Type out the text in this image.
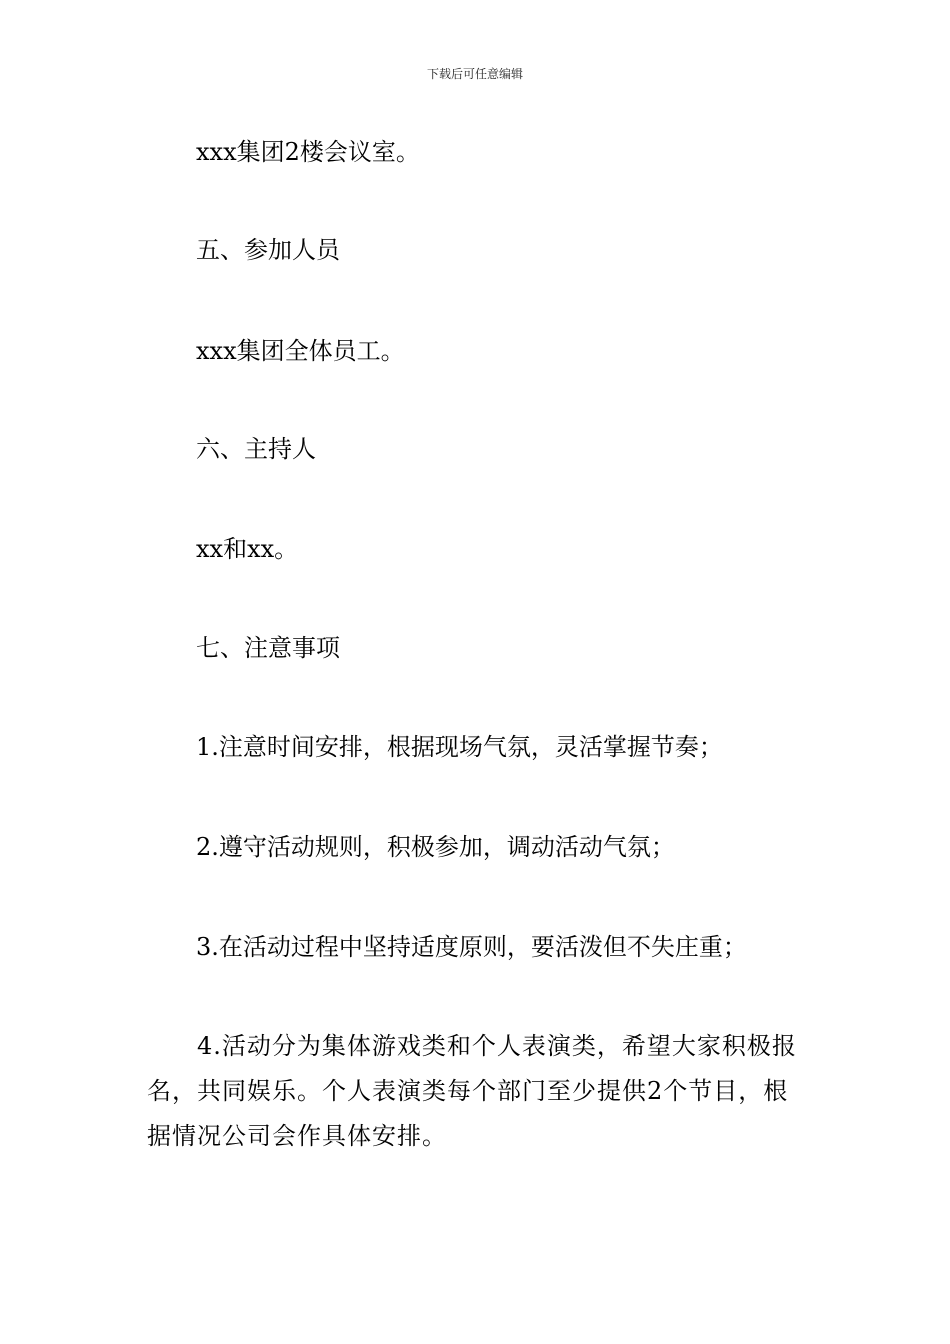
下载后可任意编辑
xxx集团2楼会议室。
五、参加人员
xxx集团全体员工。
六、主持人
xx和xx。
七、注意事项
1.注意时间安排，根据现场气氛，灵活掌握节奏；
2.遵守活动规则，积极参加，调动活动气氛；
3.在活动过程中坚持适度原则，要活泼但不失庄重；
4.活动分为集体游戏类和个人表演类，希望大家积极报名，共同娱乐。个人表演类每个部门至少提供2个节目，根据情况公司会作具体安排。
